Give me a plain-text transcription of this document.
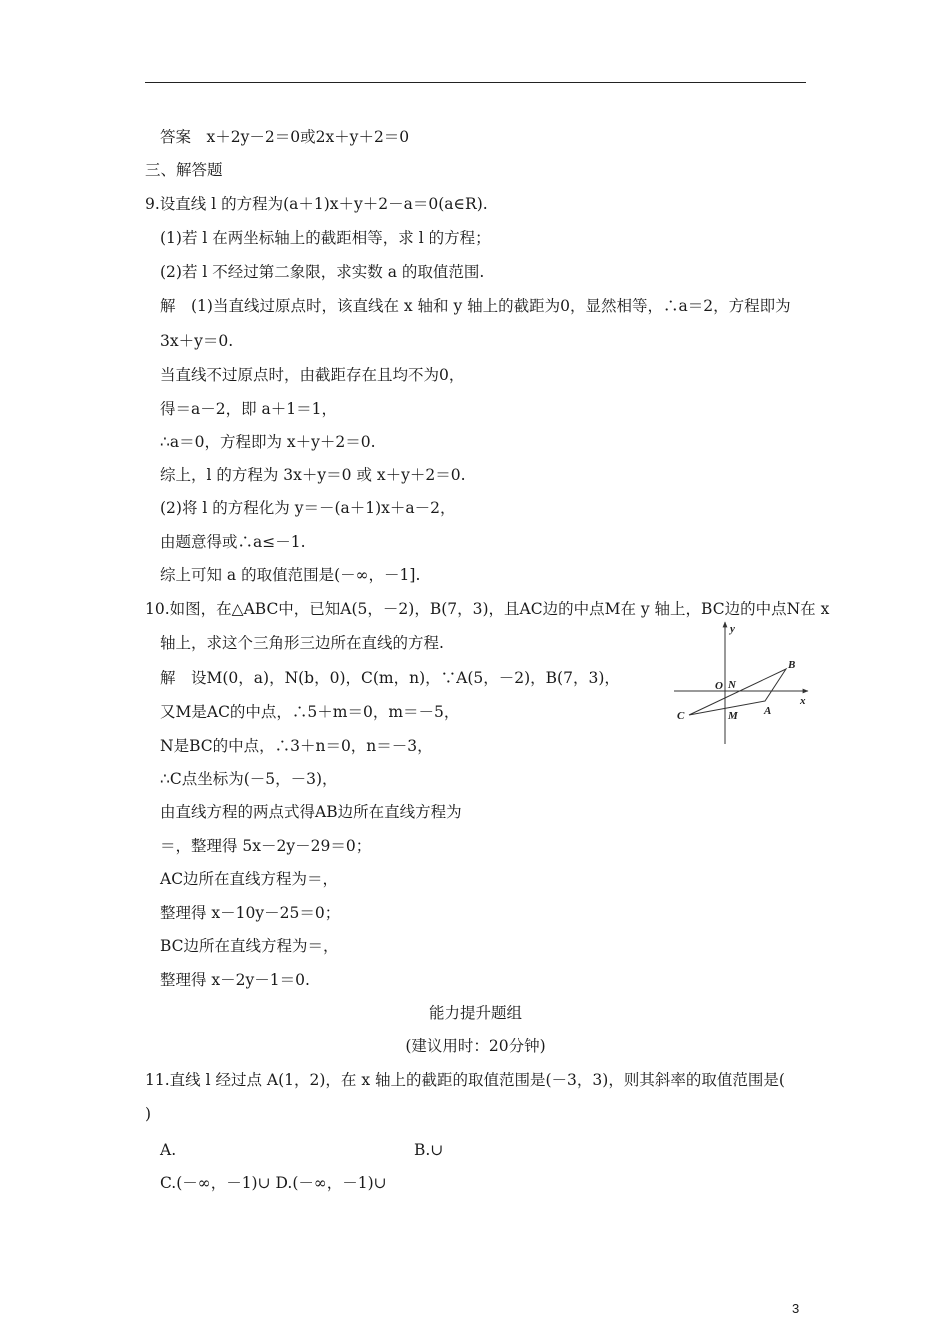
答案　x＋2y－2＝0或2x＋y＋2＝0
三、解答题
9.设直线 l 的方程为(a＋1)x＋y＋2－a＝0(a∈R).
(1)若 l 在两坐标轴上的截距相等，求 l 的方程；
(2)若 l 不经过第二象限，求实数 a 的取值范围.
解　(1)当直线过原点时，该直线在 x 轴和 y 轴上的截距为0，显然相等，∴a＝2，方程即为
3x＋y＝0.
当直线不过原点时，由截距存在且均不为0，
得＝a－2，即 a＋1＝1，
∴a＝0，方程即为 x＋y＋2＝0.
综上，l 的方程为 3x＋y＝0 或 x＋y＋2＝0.
(2)将 l 的方程化为 y＝－(a＋1)x＋a－2，
由题意得或∴a≤－1.
综上可知 a 的取值范围是(－∞，－1].
10.如图，在△ABC中，已知A(5，－2)，B(7，3)，且AC边的中点M在 y 轴上，BC边的中点N在 x
轴上，求这个三角形三边所在直线的方程.
解　设M(0，a)，N(b，0)，C(m，n)，∵A(5，－2)，B(7，3)，
又M是AC的中点，∴5＋m＝0，m＝－5，
N是BC的中点，∴3＋n＝0，n＝－3，
∴C点坐标为(－5，－3)，
由直线方程的两点式得AB边所在直线方程为
＝，整理得 5x－2y－29＝0；
AC边所在直线方程为＝，
整理得 x－10y－25＝0；
BC边所在直线方程为＝，
整理得 x－2y－1＝0.
能力提升题组
(建议用时：20分钟)
11.直线 l 经过点 A(1，2)，在 x 轴上的截距的取值范围是(－3，3)，则其斜率的取值范围是(
)
A.	B.∪
C.(－∞，－1)∪ D.(－∞，－1)∪
y
x
O N
B
A
M
C
3
